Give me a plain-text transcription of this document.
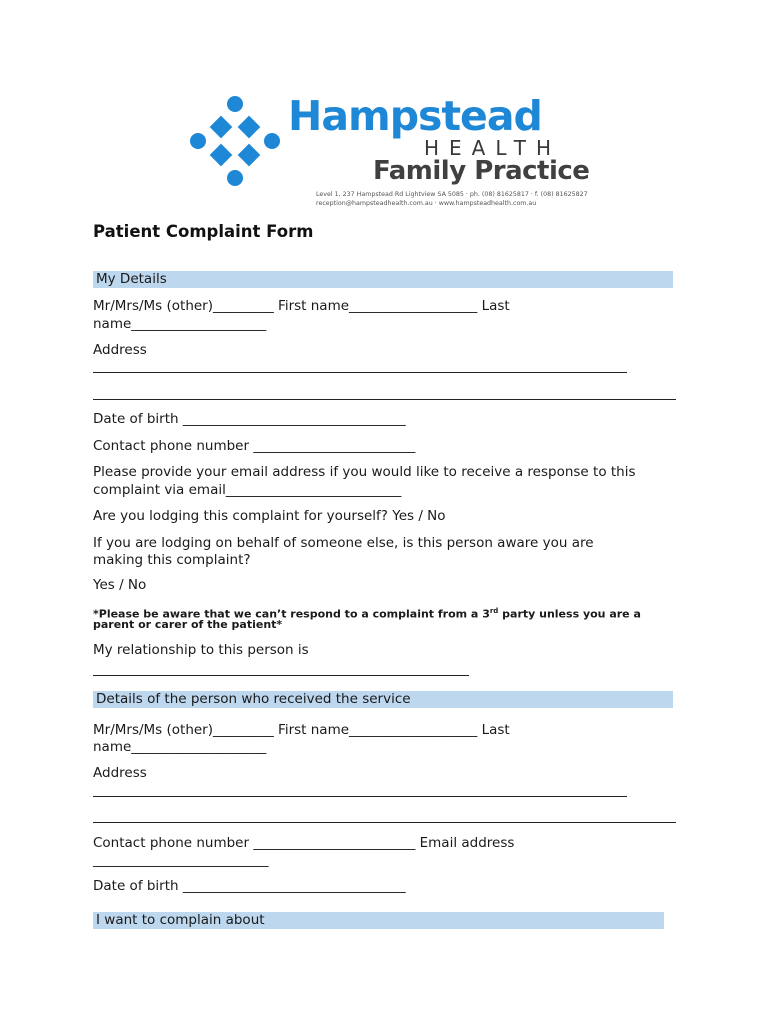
Hampstead
HEALTH
Family Practice
Level 1, 237 Hampstead Rd Lightview SA 5085 · ph. (08) 81625817 · f. (08) 81625827
reception@hampsteadhealth.com.au · www.hampsteadhealth.com.au
Patient Complaint Form
My Details
Mr/Mrs/Ms (other)_________ First name___________________ Last
name____________________
Address
Date of birth _________________________________
Contact phone number ________________________
Please provide your email address if you would like to receive a response to this
complaint via email__________________________
Are you lodging this complaint for yourself? Yes / No
If you are lodging on behalf of someone else, is this person aware you are
making this complaint?
Yes / No
*Please be aware that we can’t respond to a complaint from a 3rd party unless you are a
parent or carer of the patient*
My relationship to this person is
Details of the person who received the service
Mr/Mrs/Ms (other)_________ First name___________________ Last
name____________________
Address
Contact phone number ________________________ Email address
__________________________
Date of birth _________________________________
I want to complain about
